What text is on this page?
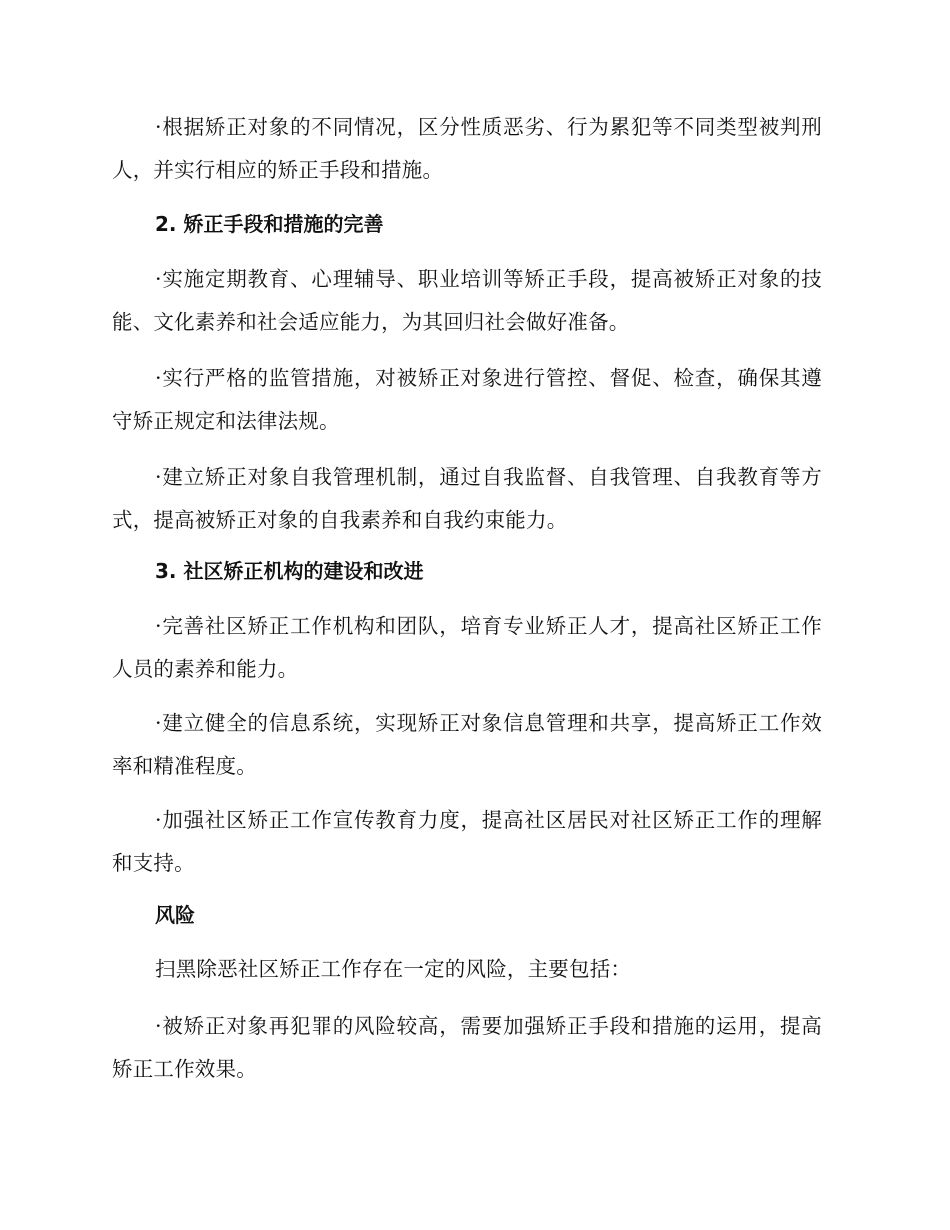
·根据矫正对象的不同情况，区分性质恶劣、行为累犯等不同类型被判刑人，并实行相应的矫正手段和措施。

2. 矫正手段和措施的完善

·实施定期教育、心理辅导、职业培训等矫正手段，提高被矫正对象的技能、文化素养和社会适应能力，为其回归社会做好准备。

·实行严格的监管措施，对被矫正对象进行管控、督促、检查，确保其遵守矫正规定和法律法规。

·建立矫正对象自我管理机制，通过自我监督、自我管理、自我教育等方式，提高被矫正对象的自我素养和自我约束能力。

3. 社区矫正机构的建设和改进

·完善社区矫正工作机构和团队，培育专业矫正人才，提高社区矫正工作人员的素养和能力。

·建立健全的信息系统，实现矫正对象信息管理和共享，提高矫正工作效率和精准程度。

·加强社区矫正工作宣传教育力度，提高社区居民对社区矫正工作的理解和支持。

风险

扫黑除恶社区矫正工作存在一定的风险，主要包括：

·被矫正对象再犯罪的风险较高，需要加强矫正手段和措施的运用，提高矫正工作效果。
